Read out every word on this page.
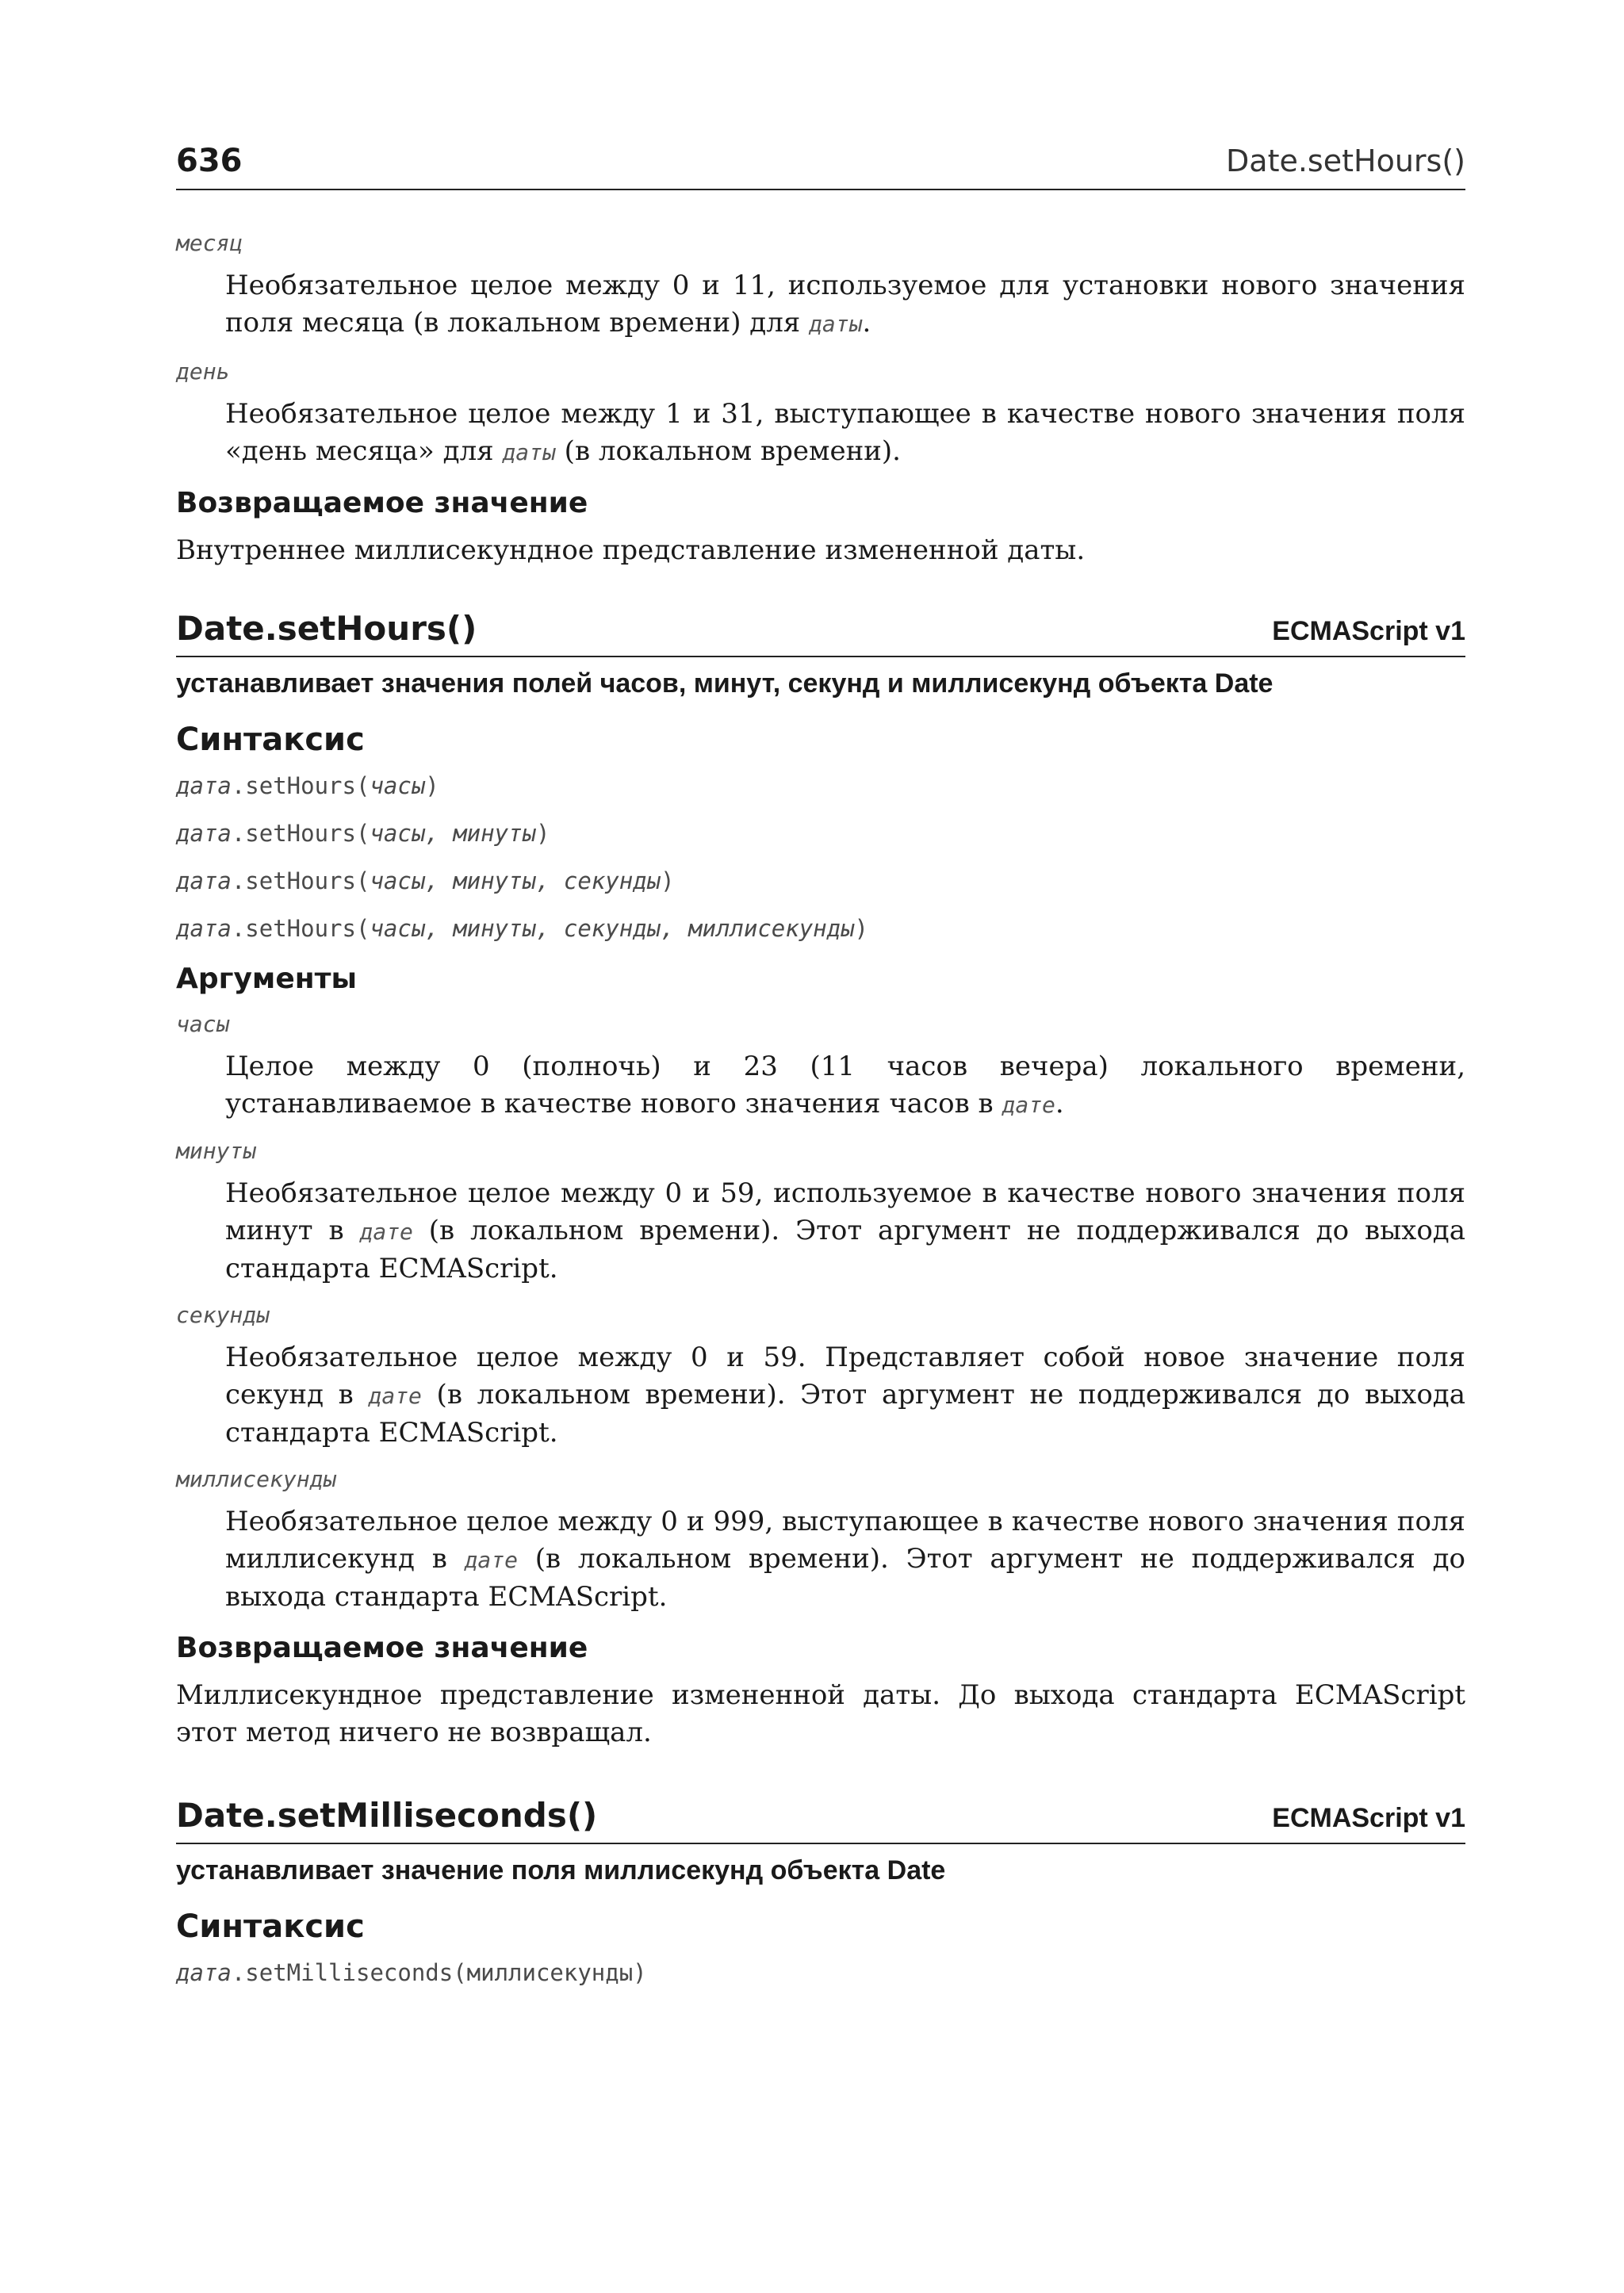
636	Date.setHours()

месяц

Необязательное целое между 0 и 11, используемое для установки нового значения поля месяца (в локальном времени) для даты.

день

Необязательное целое между 1 и 31, выступающее в качестве нового значения поля «день месяца» для даты (в локальном времени).

Возвращаемое значение

Внутреннее миллисекундное представление измененной даты.

Date.setHours()	ECMAScript v1

устанавливает значения полей часов, минут, секунд и миллисекунд объекта Date

Синтаксис

дата.setHours(часы)

дата.setHours(часы, минуты)

дата.setHours(часы, минуты, секунды)

дата.setHours(часы, минуты, секунды, миллисекунды)

Аргументы

часы

Целое между 0 (полночь) и 23 (11 часов вечера) локального времени, устанавливаемое в качестве нового значения часов в дате.

минуты

Необязательное целое между 0 и 59, используемое в качестве нового значения поля минут в дате (в локальном времени). Этот аргумент не поддерживался до выхода стандарта ECMAScript.

секунды

Необязательное целое между 0 и 59. Представляет собой новое значение поля секунд в дате (в локальном времени). Этот аргумент не поддерживался до выхода стандарта ECMAScript.

миллисекунды

Необязательное целое между 0 и 999, выступающее в качестве нового значения поля миллисекунд в дате (в локальном времени). Этот аргумент не поддерживался до выхода стандарта ECMAScript.

Возвращаемое значение

Миллисекундное представление измененной даты. До выхода стандарта ECMAScript этот метод ничего не возвращал.

Date.setMilliseconds()	ECMAScript v1

устанавливает значение поля миллисекунд объекта Date

Синтаксис

дата.setMilliseconds(миллисекунды)
